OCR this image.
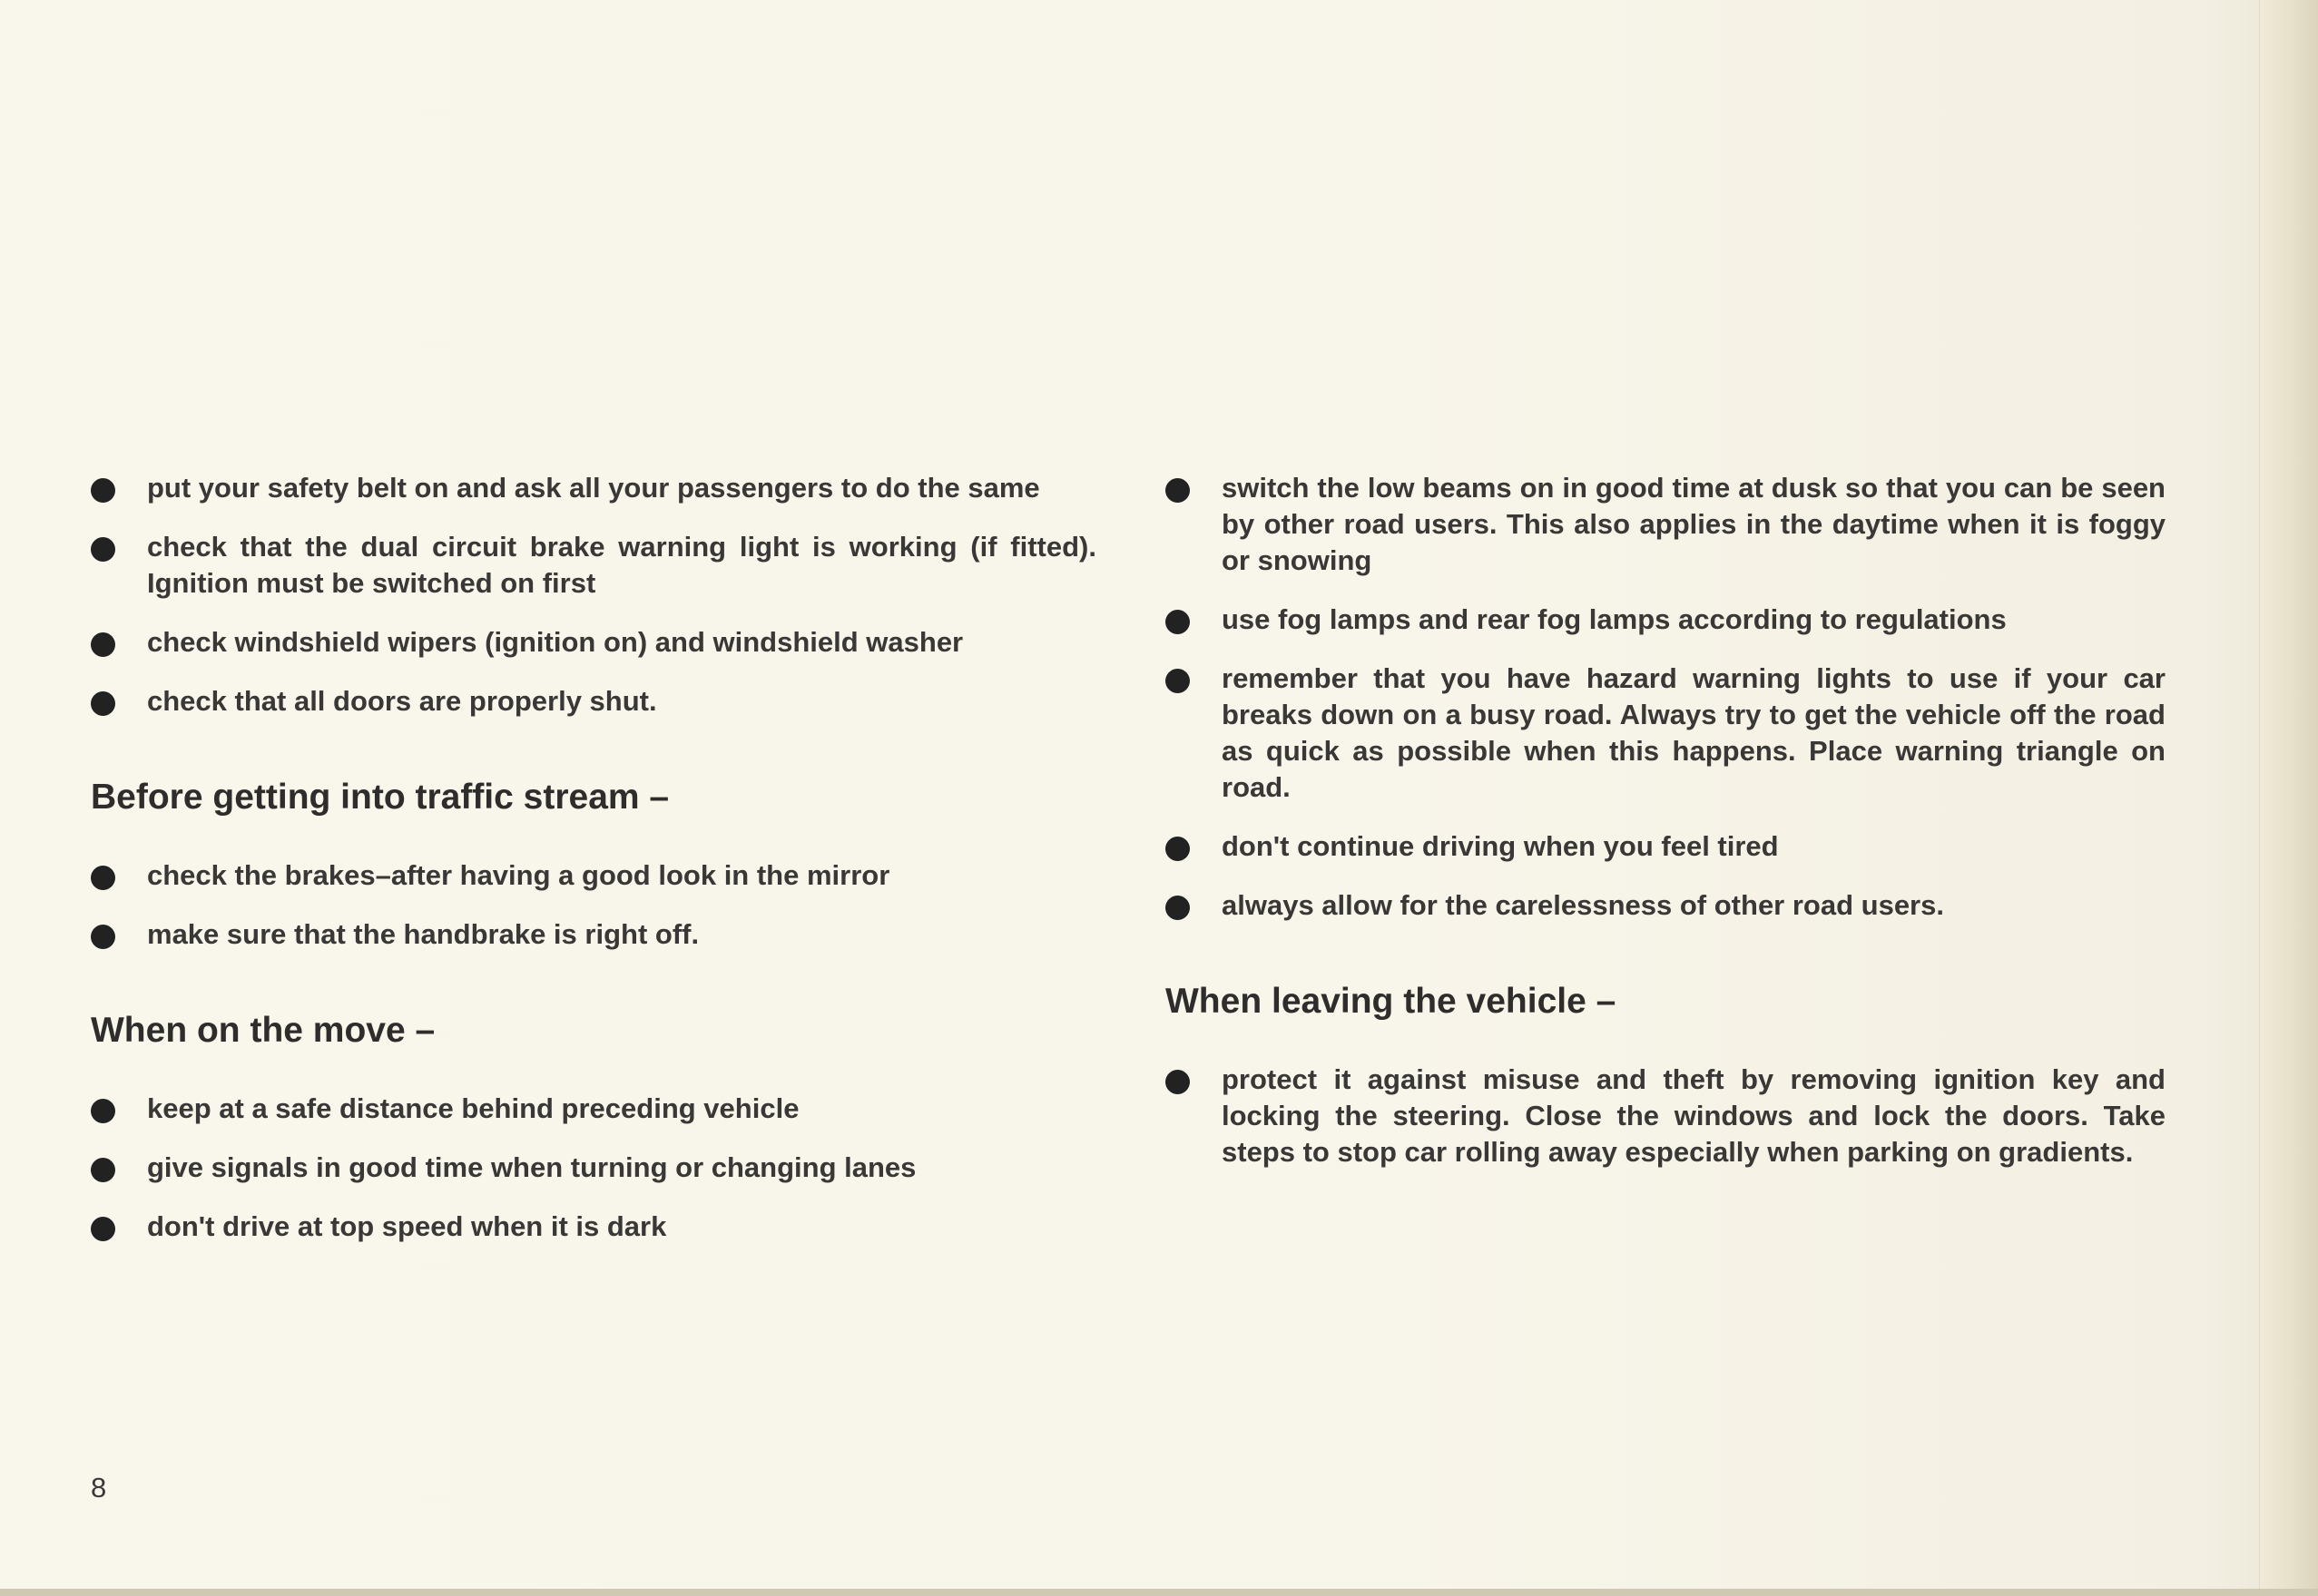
put your safety belt on and ask all your passengers to do the same
check that the dual circuit brake warning light is working (if fitted). Ignition must be switched on first
check windshield wipers (ignition on) and windshield washer
check that all doors are properly shut.
Before getting into traffic stream –
check the brakes–after having a good look in the mirror
make sure that the handbrake is right off.
When on the move –
keep at a safe distance behind preceding vehicle
give signals in good time when turning or changing lanes
don't drive at top speed when it is dark
switch the low beams on in good time at dusk so that you can be seen by other road users. This also applies in the daytime when it is foggy or snowing
use fog lamps and rear fog lamps according to regulations
remember that you have hazard warning lights to use if your car breaks down on a busy road. Always try to get the vehicle off the road as quick as possible when this happens. Place warning triangle on road.
don't continue driving when you feel tired
always allow for the carelessness of other road users.
When leaving the vehicle –
protect it against misuse and theft by removing ignition key and locking the steering. Close the windows and lock the doors. Take steps to stop car rolling away especially when parking on gradients.
8
